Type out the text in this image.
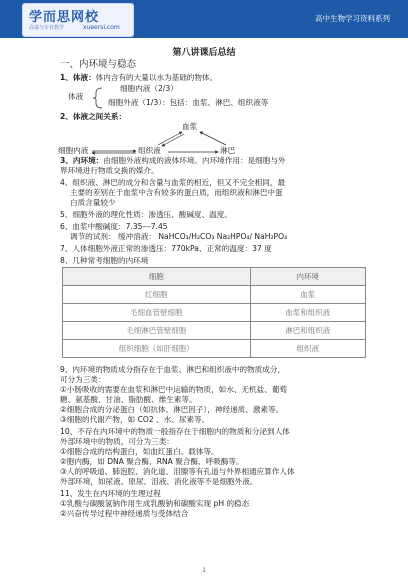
学而思网校
高端与专业教学	xueersi.com
高中生物学习资料系列
第八讲课后总结
一、内环境与稳态
1、体液：体内含有的大量以水为基础的物体。
细胞内液（2/3）
体液
细胞外液（1/3）：包括：血浆、淋巴、组织液等
2、体液之间关系：
血浆
细胞内液	组织液	淋巴
3、内环境：由细胞外液构成的液体环境。内环境作用：是细胞与外
界环境进行物质交换的媒介。
4、组织液、淋巴的成分和含量与血浆的相近，但又不完全相同，最
主要的差别在于血浆中含有较多的蛋白质，而组织液和淋巴中蛋
白质含量较少
5、细胞外液的理化性质：渗透压、酸碱度、温度。
6、血浆中酸碱度：7.35---7.45
调节的试剂： 缓冲溶液： NaHCO₃/H₂CO₃ Na₂HPO₄/ NaH₂PO₄
7、人体细胞外液正常的渗透压：770kPa、正常的温度：37 度
8、几种常考细胞的内环境
细胞	内环境
红细胞	血浆
毛细血管壁细胞	血浆和组织液
毛细淋巴管壁细胞	淋巴和组织液
组织细胞（如肝细胞）	组织液
9、内环境的物质成分指存在于血浆、淋巴和组织液中的物质成分，
可分为三类：
①小肠吸收的需要在血浆和淋巴中运输的物质，如水、无机盐、葡萄
糖、氨基酸、甘油、脂肪酸、维生素等。
②细胞合成的分泌蛋白（如抗体、淋巴因子），神经递质、激素等。
③细胞的代谢产物，如 CO2 、水、尿素等。
10、不存在内环境中的物质一般指存在于细胞内的物质和分泌到人体
外部环境中的物质，可分为三类：
①细胞合成的结构蛋白，如血红蛋白、载体等。
②胞内酶，如 DNA 聚合酶，RNA 聚合酶、呼吸酶等。
③人的呼吸道、肺泡腔、消化道、泪腺等有孔道与外界相通应算作人体
外部环境，如尿液、原尿、泪液、消化液等不是细胞外液。
11、发生在内环境的生理过程
①乳酸与碳酸氢钠作用生成乳酸钠和碳酸实现 pH 的稳态
②兴奋传导过程中神经递质与受体结合
1
